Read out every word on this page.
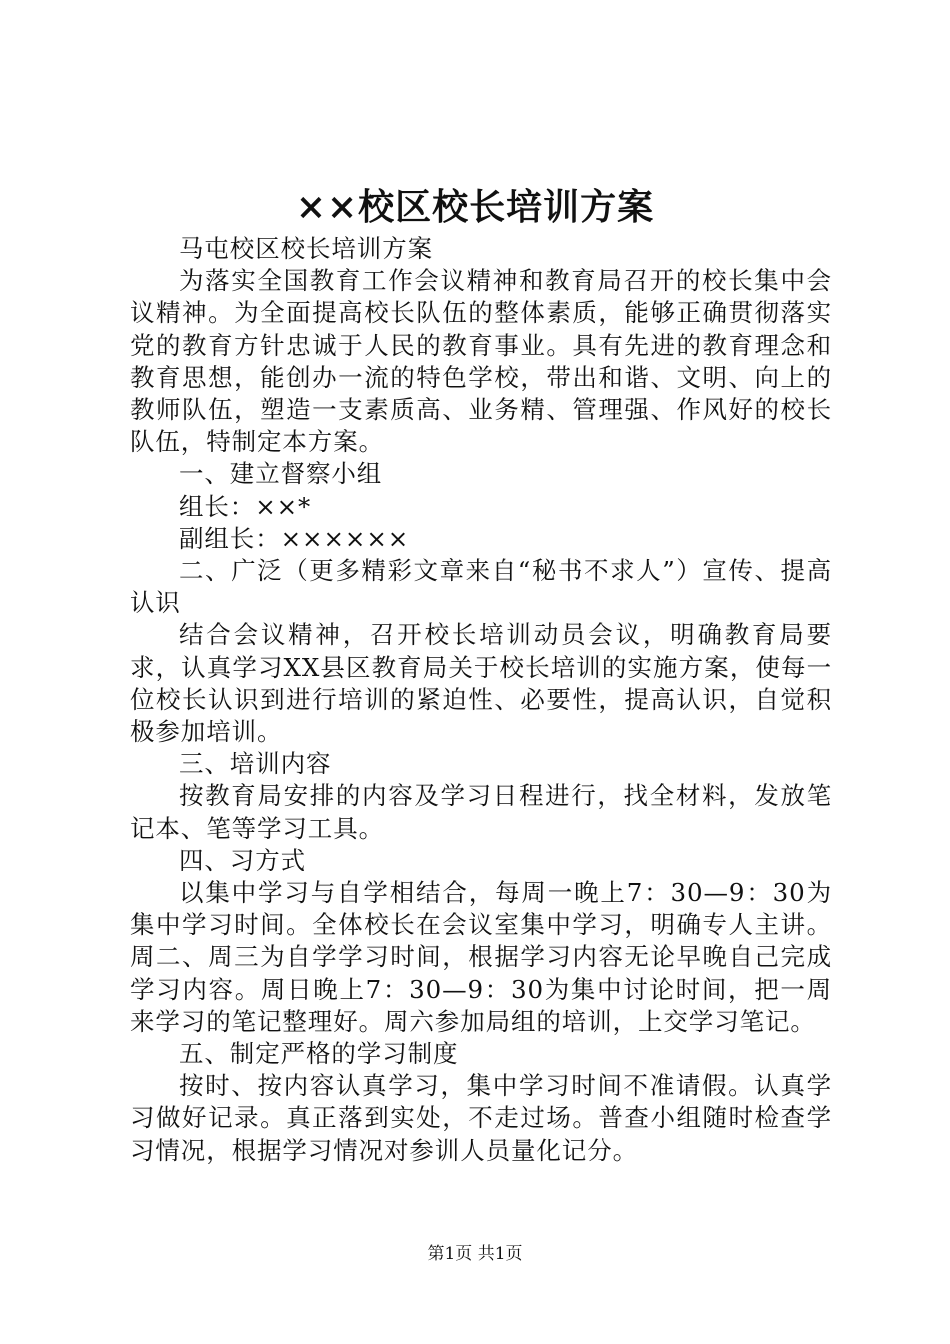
××校区校长培训方案

马屯校区校长培训方案

为落实全国教育工作会议精神和教育局召开的校长集中会议精神。为全面提高校长队伍的整体素质，能够正确贯彻落实党的教育方针忠诚于人民的教育事业。具有先进的教育理念和教育思想，能创办一流的特色学校，带出和谐、文明、向上的教师队伍，塑造一支素质高、业务精、管理强、作风好的校长队伍，特制定本方案。

一、建立督察小组

组长：××*

副组长：××××××

二、广泛（更多精彩文章来自“秘书不求人”）宣传、提高认识

结合会议精神，召开校长培训动员会议，明确教育局要求，认真学习XX县区教育局关于校长培训的实施方案，使每一位校长认识到进行培训的紧迫性、必要性，提高认识，自觉积极参加培训。

三、培训内容

按教育局安排的内容及学习日程进行，找全材料，发放笔记本、笔等学习工具。

四、习方式

以集中学习与自学相结合，每周一晚上7：30—9：30为集中学习时间。全体校长在会议室集中学习，明确专人主讲。周二、周三为自学学习时间，根据学习内容无论早晚自己完成学习内容。周日晚上7：30—9：30为集中讨论时间，把一周来学习的笔记整理好。周六参加局组的培训，上交学习笔记。

五、制定严格的学习制度

按时、按内容认真学习，集中学习时间不准请假。认真学习做好记录。真正落到实处，不走过场。普查小组随时检查学习情况，根据学习情况对参训人员量化记分。

第1页 共1页
